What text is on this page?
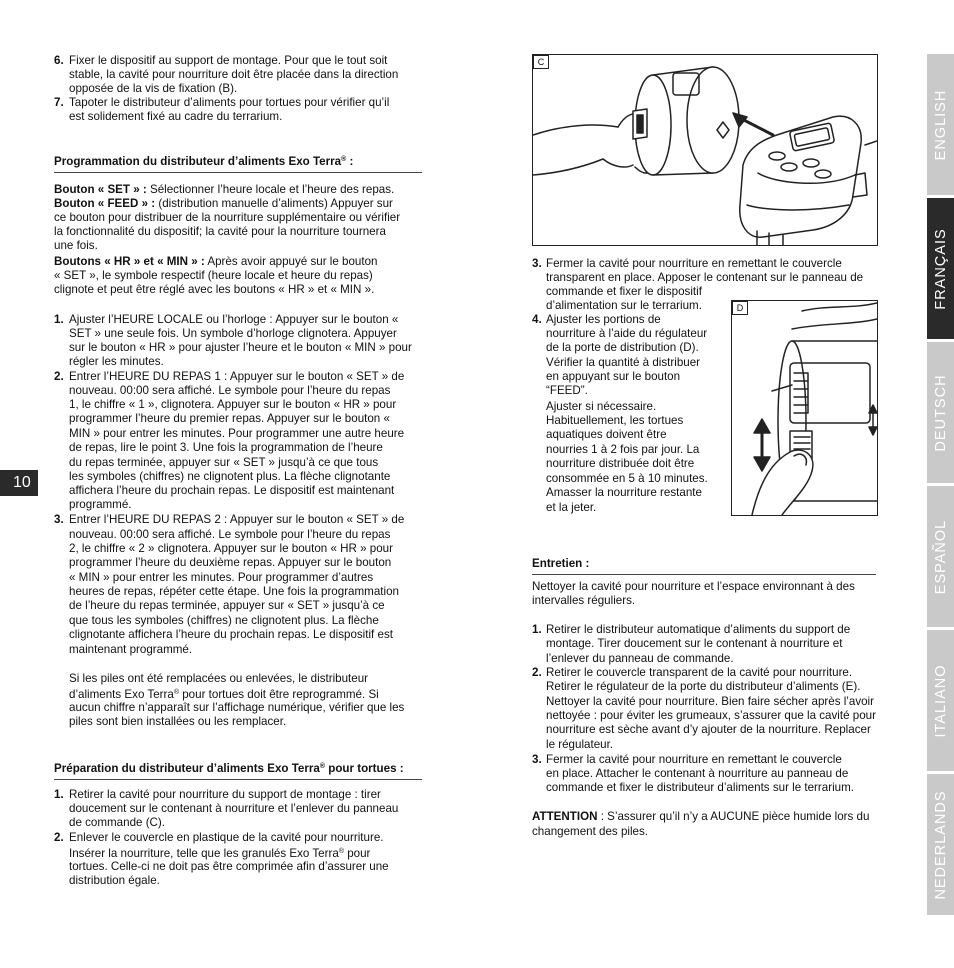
6. Fixer le dispositif au support de montage. Pour que le tout soit
stable, la cavité pour nourriture doit être placée dans la direction
opposée de la vis de fixation (B).
7. Tapoter le distributeur d’aliments pour tortues pour vérifier qu’il
est solidement fixé au cadre du terrarium.
Programmation du distributeur d’aliments Exo Terra® :
Bouton « SET » : Sélectionner l’heure locale et l’heure des repas.
Bouton « FEED » : (distribution manuelle d’aliments) Appuyer sur
ce bouton pour distribuer de la nourriture supplémentaire ou vérifier
la fonctionnalité du dispositif; la cavité pour la nourriture tournera
une fois.
Boutons « HR » et « MIN » : Après avoir appuyé sur le bouton
« SET », le symbole respectif (heure locale et heure du repas)
clignote et peut être réglé avec les boutons « HR » et « MIN ».
1. Ajuster l’HEURE LOCALE ou l’horloge : Appuyer sur le bouton «
SET » une seule fois. Un symbole d’horloge clignotera. Appuyer
sur le bouton « HR » pour ajuster l’heure et le bouton « MIN » pour
régler les minutes.
2. Entrer l’HEURE DU REPAS 1 : Appuyer sur le bouton « SET » de
nouveau. 00:00 sera affiché. Le symbole pour l’heure du repas
1, le chiffre « 1 », clignotera. Appuyer sur le bouton « HR » pour
programmer l’heure du premier repas. Appuyer sur le bouton «
MIN » pour entrer les minutes. Pour programmer une autre heure
de repas, lire le point 3. Une fois la programmation de l’heure
du repas terminée, appuyer sur « SET » jusqu’à ce que tous
les symboles (chiffres) ne clignotent plus. La flèche clignotante
affichera l’heure du prochain repas. Le dispositif est maintenant
programmé.
3. Entrer l’HEURE DU REPAS 2 : Appuyer sur le bouton « SET » de
nouveau. 00:00 sera affiché. Le symbole pour l’heure du repas
2, le chiffre « 2 » clignotera. Appuyer sur le bouton « HR » pour
programmer l’heure du deuxième repas. Appuyer sur le bouton
« MIN » pour entrer les minutes. Pour programmer d’autres
heures de repas, répéter cette étape. Une fois la programmation
de l’heure du repas terminée, appuyer sur « SET » jusqu’à ce
que tous les symboles (chiffres) ne clignotent plus. La flèche
clignotante affichera l’heure du prochain repas. Le dispositif est
maintenant programmé.
Si les piles ont été remplacées ou enlevées, le distributeur
d’aliments Exo Terra® pour tortues doit être reprogrammé. Si
aucun chiffre n’apparaît sur l’affichage numérique, vérifier que les
piles sont bien installées ou les remplacer.
Préparation du distributeur d’aliments Exo Terra® pour tortues :
1. Retirer la cavité pour nourriture du support de montage : tirer
doucement sur le contenant à nourriture et l’enlever du panneau
de commande (C).
2. Enlever le couvercle en plastique de la cavité pour nourriture.
Insérer la nourriture, telle que les granulés Exo Terra® pour
tortues. Celle-ci ne doit pas être comprimée afin d’assurer une
distribution égale.
10
C
3. Fermer la cavité pour nourriture en remettant le couvercle
transparent en place. Apposer le contenant sur le panneau de
commande et fixer le dispositif
d’alimentation sur le terrarium.
4. Ajuster les portions de
nourriture à l’aide du régulateur
de la porte de distribution (D).
Vérifier la quantité à distribuer
en appuyant sur le bouton
“FEED”.
Ajuster si nécessaire.
Habituellement, les tortues
aquatiques doivent être
nourries 1 à 2 fois par jour. La
nourriture distribuée doit être
consommée en 5 à 10 minutes.
Amasser la nourriture restante
et la jeter.
D
Entretien :
Nettoyer la cavité pour nourriture et l’espace environnant à des
intervalles réguliers.
1. Retirer le distributeur automatique d’aliments du support de
montage. Tirer doucement sur le contenant à nourriture et
l’enlever du panneau de commande.
2. Retirer le couvercle transparent de la cavité pour nourriture.
Retirer le régulateur de la porte du distributeur d’aliments (E).
Nettoyer la cavité pour nourriture. Bien faire sécher après l’avoir
nettoyée : pour éviter les grumeaux, s’assurer que la cavité pour
nourriture est sèche avant d’y ajouter de la nourriture. Replacer
le régulateur.
3. Fermer la cavité pour nourriture en remettant le couvercle
en place. Attacher le contenant à nourriture au panneau de
commande et fixer le distributeur d’aliments sur le terrarium.
ATTENTION : S’assurer qu’il n’y a AUCUNE pièce humide lors du
changement des piles.
ENGLISH
FRANÇAIS
DEUTSCH
ESPAÑOL
ITALIANO
NEDERLANDS
